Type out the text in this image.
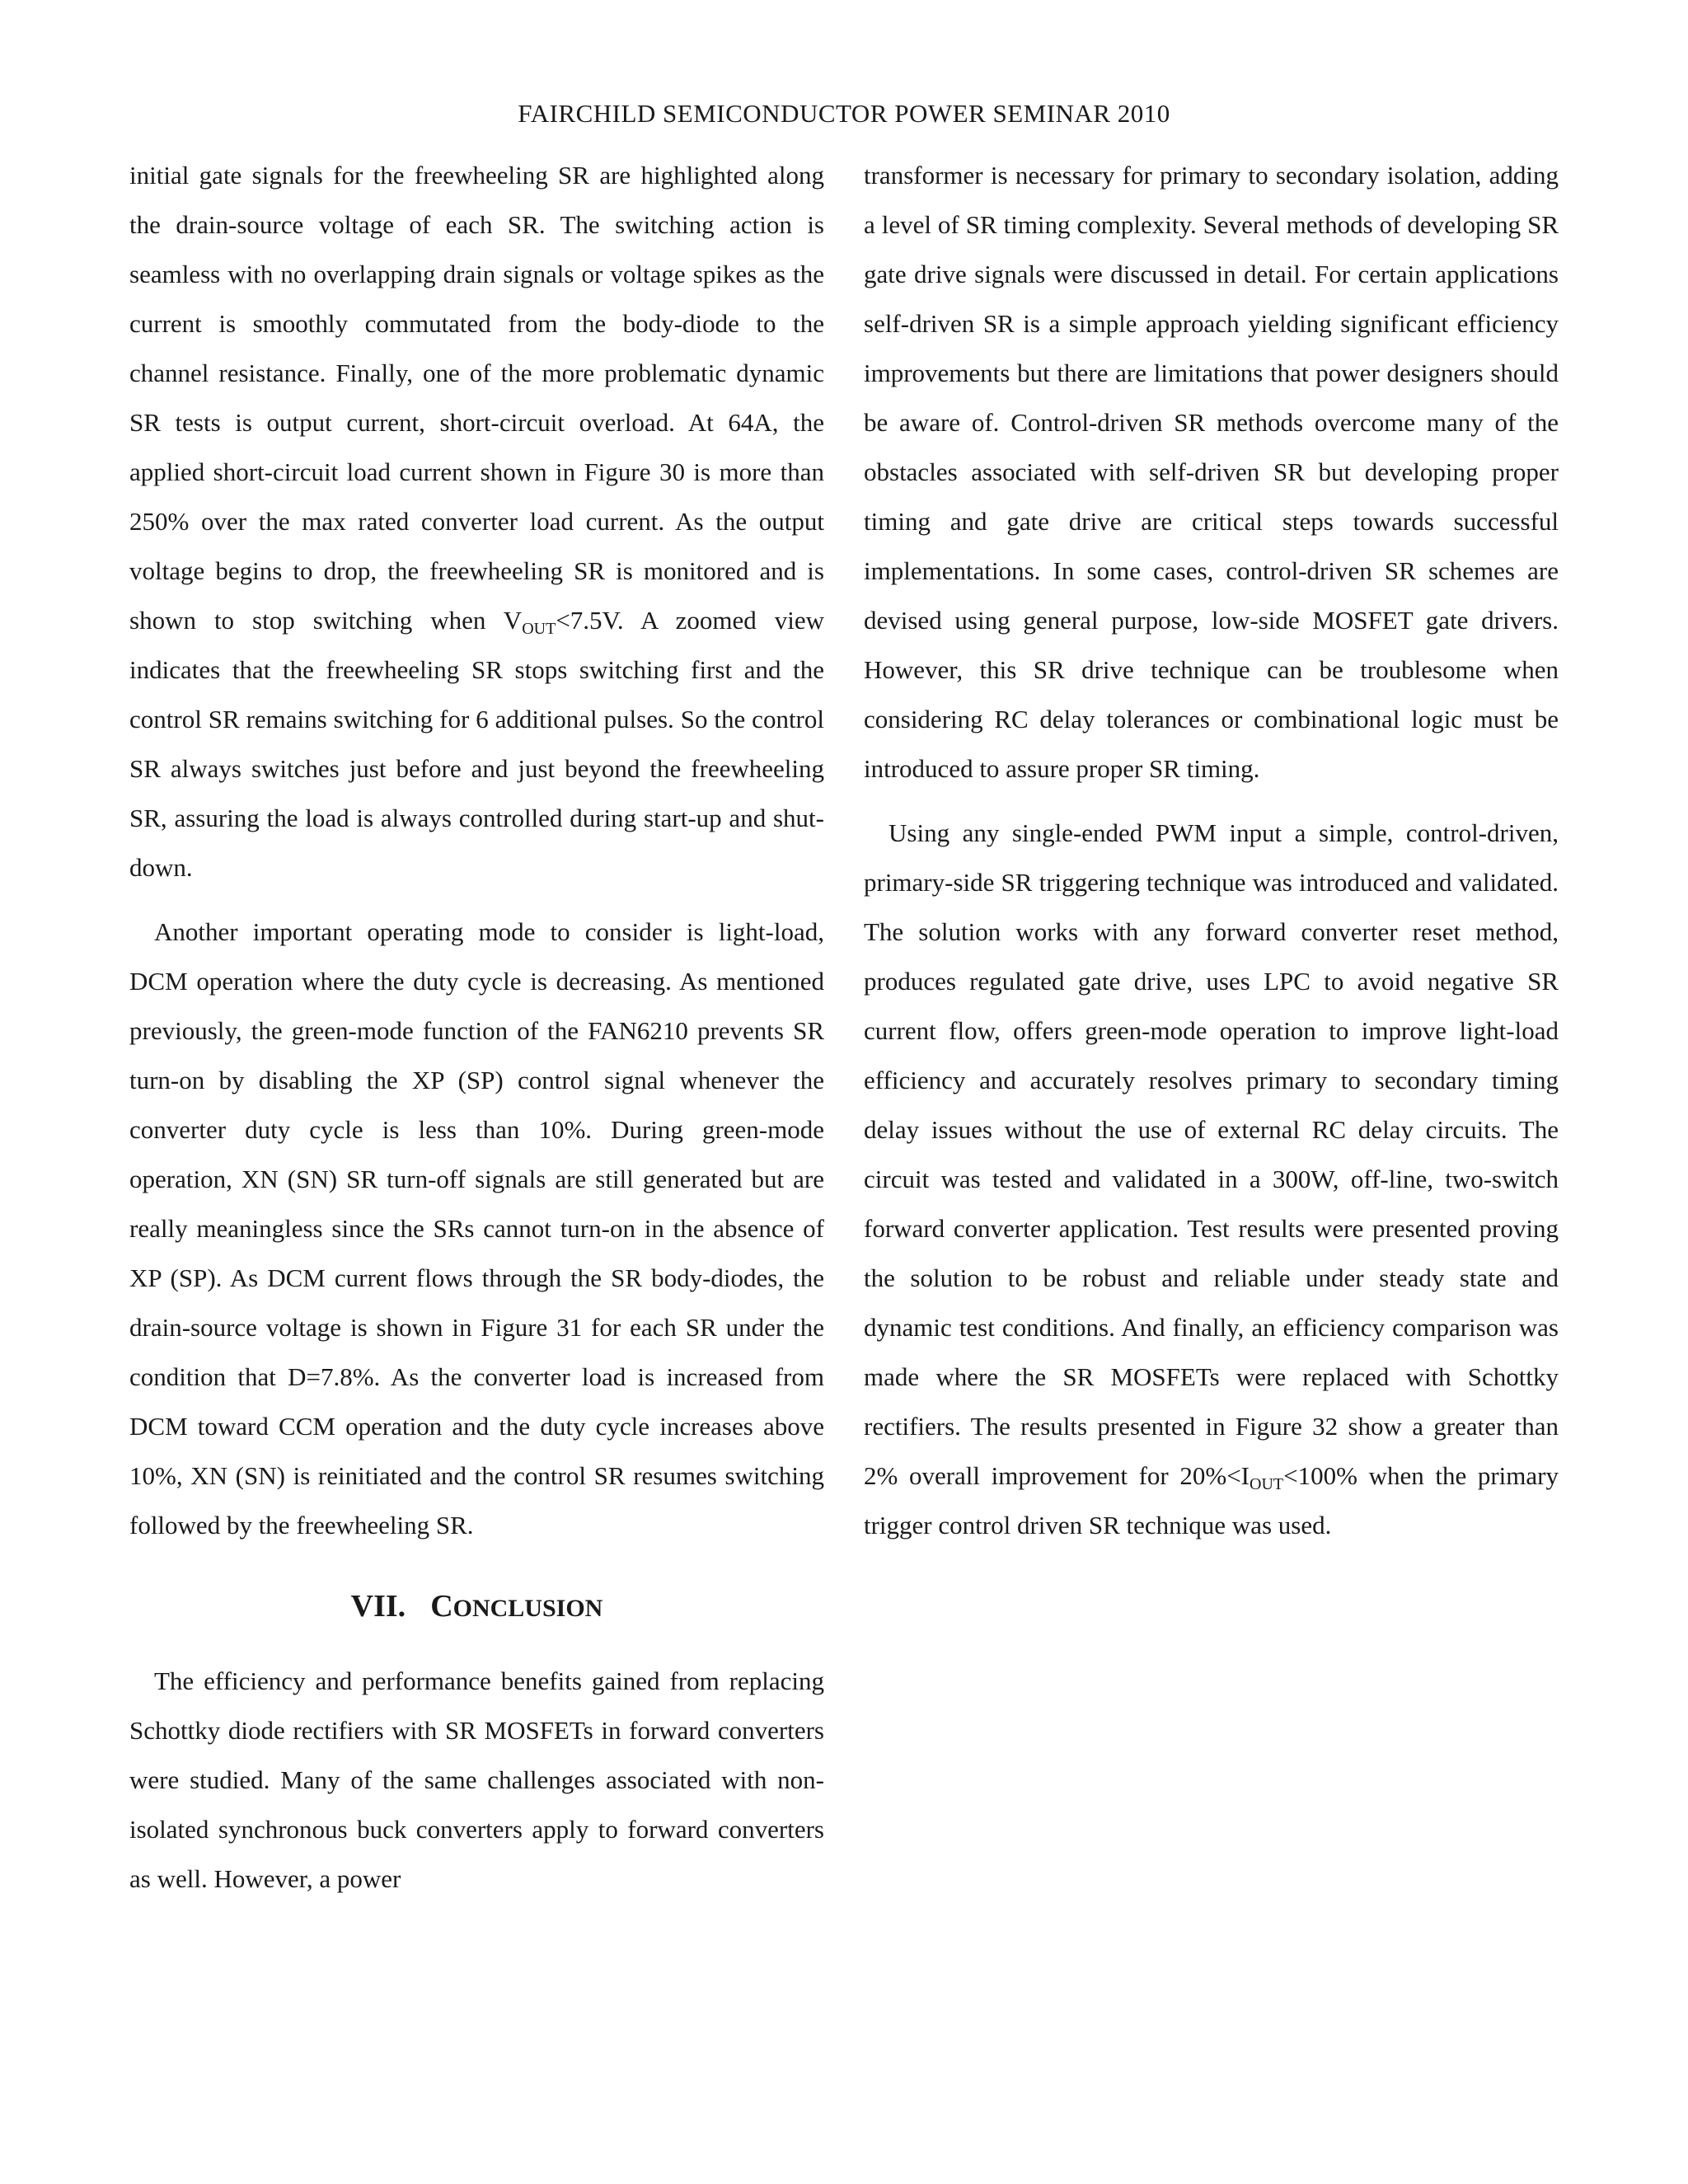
FAIRCHILD SEMICONDUCTOR POWER SEMINAR 2010

initial gate signals for the freewheeling SR are highlighted along the drain-source voltage of each SR. The switching action is seamless with no overlapping drain signals or voltage spikes as the current is smoothly commutated from the body-diode to the channel resistance. Finally, one of the more problematic dynamic SR tests is output current, short-circuit overload. At 64A, the applied short-circuit load current shown in Figure 30 is more than 250% over the max rated converter load current. As the output voltage begins to drop, the freewheeling SR is monitored and is shown to stop switching when $V_{OUT}<7.5V$. A zoomed view indicates that the freewheeling SR stops switching first and the control SR remains switching for 6 additional pulses. So the control SR always switches just before and just beyond the freewheeling SR, assuring the load is always controlled during start-up and shut-down.

Another important operating mode to consider is light-load, DCM operation where the duty cycle is decreasing. As mentioned previously, the green-mode function of the FAN6210 prevents SR turn-on by disabling the XP (SP) control signal whenever the converter duty cycle is less than 10%. During green-mode operation, XN (SN) SR turn-off signals are still generated but are really meaningless since the SRs cannot turn-on in the absence of XP (SP). As DCM current flows through the SR body-diodes, the drain-source voltage is shown in Figure 31 for each SR under the condition that D=7.8%. As the converter load is increased from DCM toward CCM operation and the duty cycle increases above 10%, XN (SN) is reinitiated and the control SR resumes switching followed by the freewheeling SR.

VII. CONCLUSION

The efficiency and performance benefits gained from replacing Schottky diode rectifiers with SR MOSFETs in forward converters were studied. Many of the same challenges associated with non-isolated synchronous buck converters apply to forward converters as well. However, a power

transformer is necessary for primary to secondary isolation, adding a level of SR timing complexity. Several methods of developing SR gate drive signals were discussed in detail. For certain applications self-driven SR is a simple approach yielding significant efficiency improvements but there are limitations that power designers should be aware of. Control-driven SR methods overcome many of the obstacles associated with self-driven SR but developing proper timing and gate drive are critical steps towards successful implementations. In some cases, control-driven SR schemes are devised using general purpose, low-side MOSFET gate drivers. However, this SR drive technique can be troublesome when considering RC delay tolerances or combinational logic must be introduced to assure proper SR timing.

Using any single-ended PWM input a simple, control-driven, primary-side SR triggering technique was introduced and validated. The solution works with any forward converter reset method, produces regulated gate drive, uses LPC to avoid negative SR current flow, offers green-mode operation to improve light-load efficiency and accurately resolves primary to secondary timing delay issues without the use of external RC delay circuits. The circuit was tested and validated in a 300W, off-line, two-switch forward converter application. Test results were presented proving the solution to be robust and reliable under steady state and dynamic test conditions. And finally, an efficiency comparison was made where the SR MOSFETs were replaced with Schottky rectifiers. The results presented in Figure 32 show a greater than 2% overall improvement for $20\%<I_{OUT}<100\%$ when the primary trigger control driven SR technique was used.
